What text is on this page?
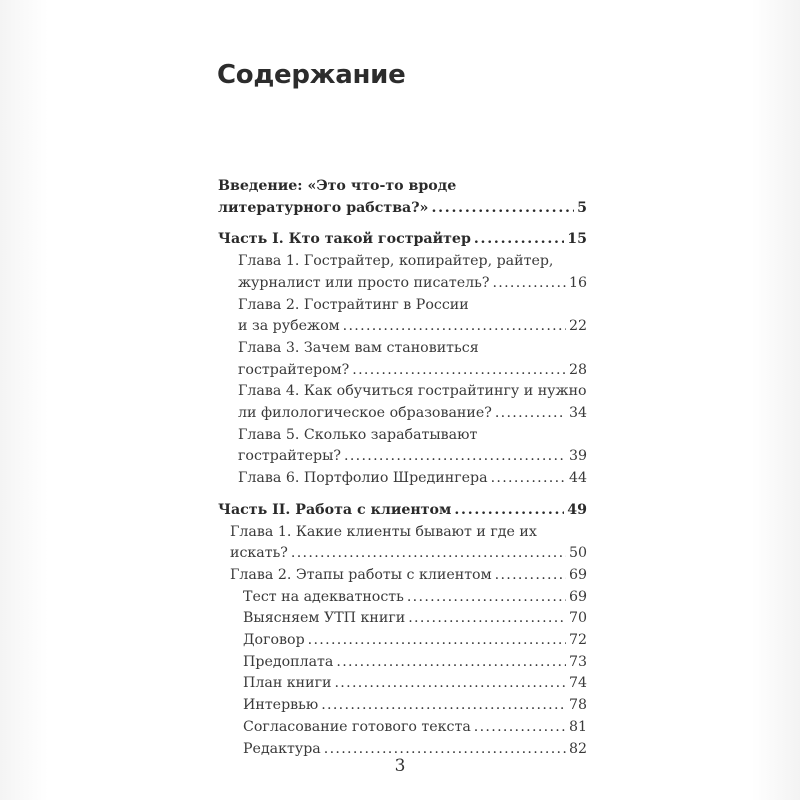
Содержание
Введение: «Это что-то вроде
литературного рабства?» . . .	5
Часть I. Кто такой гострайтер . . .	15
Глава 1. Гострайтер, копирайтер, райтер,
журналист или просто писатель? . . .	16
Глава 2. Гострайтинг в России
и за рубежом . . .	22
Глава 3. Зачем вам становиться
гострайтером? . . .	28
Глава 4. Как обучиться гострайтингу и нужно
ли филологическое образование? . . .	34
Глава 5. Сколько зарабатывают
гострайтеры? . . .	39
Глава 6. Портфолио Шредингера . . .	44
Часть II. Работа с клиентом . . .	49
Глава 1. Какие клиенты бывают и где их
искать? . . .	50
Глава 2. Этапы работы с клиентом . . .	69
Тест на адекватность . . .	69
Выясняем УТП книги . . .	70
Договор . . .	72
Предоплата . . .	73
План книги . . .	74
Интервью . . .	78
Согласование готового текста . . .	81
Редактура . . .	82
3
